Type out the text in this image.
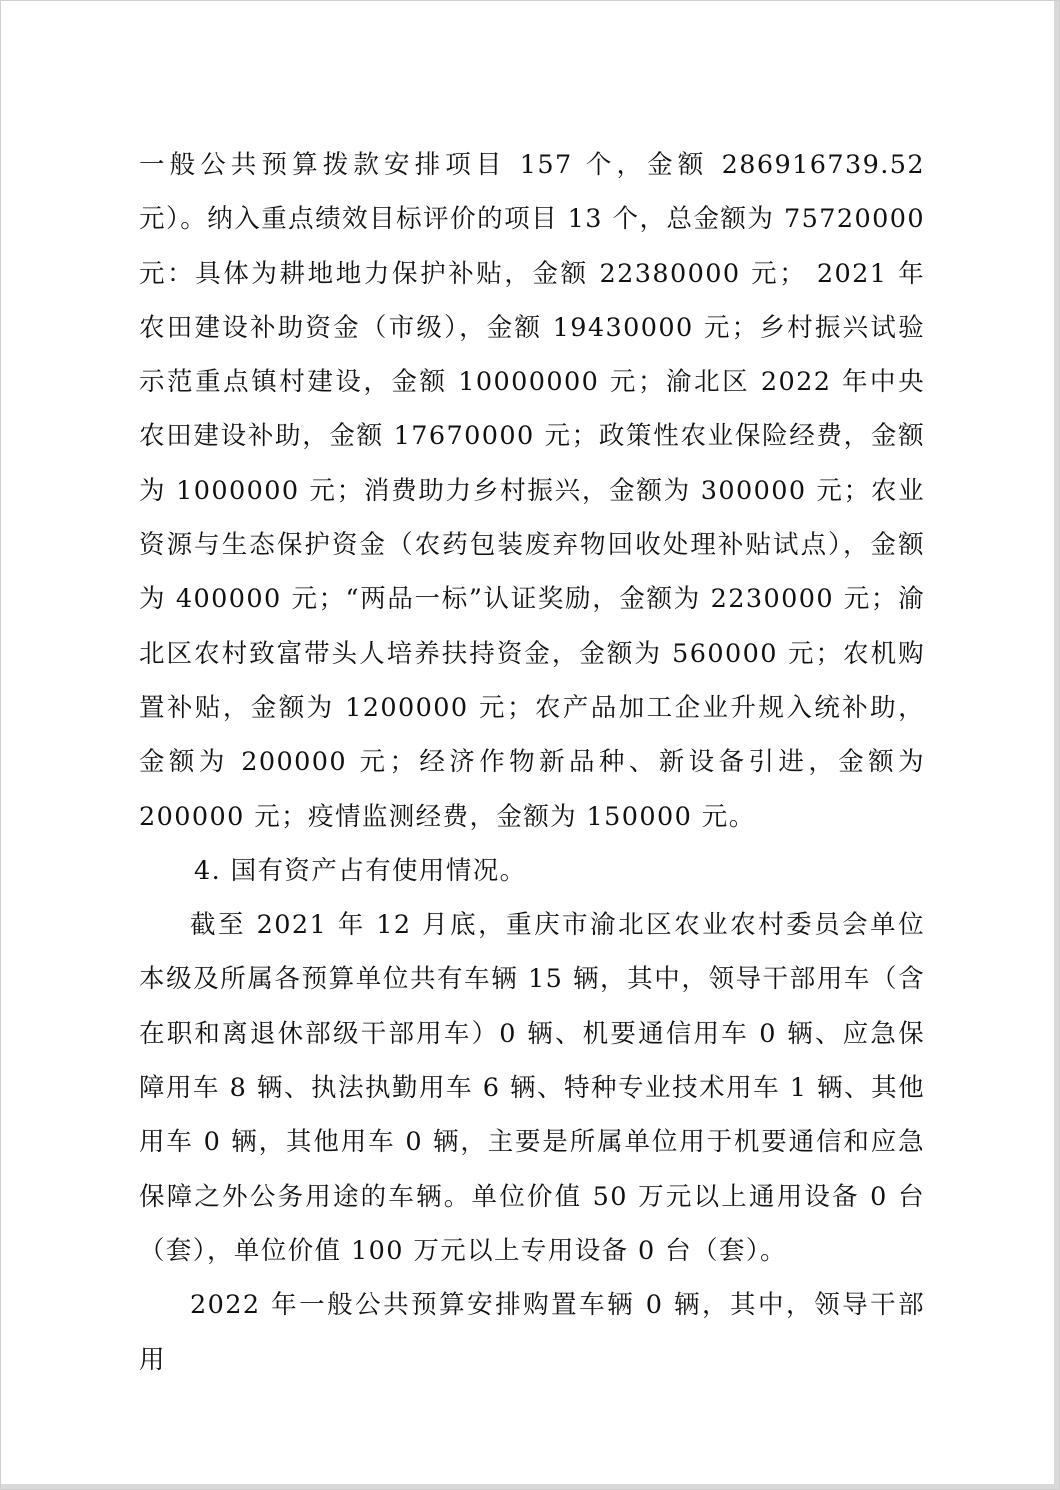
一般公共预算拨款安排项目 157 个，金额 286916739.52 元）。纳入重点绩效目标评价的项目 13 个，总金额为 75720000 元：具体为耕地地力保护补贴，金额 22380000 元； 2021 年农田建设补助资金（市级），金额 19430000 元；乡村振兴试验示范重点镇村建设，金额 10000000 元；渝北区 2022 年中央农田建设补助，金额 17670000 元；政策性农业保险经费，金额为 1000000 元；消费助力乡村振兴，金额为 300000 元；农业资源与生态保护资金（农药包装废弃物回收处理补贴试点），金额为 400000 元；“两品一标”认证奖励，金额为 2230000 元；渝北区农村致富带头人培养扶持资金，金额为 560000 元；农机购置补贴，金额为 1200000 元；农产品加工企业升规入统补助，金额为 200000 元；经济作物新品种、新设备引进，金额为 200000 元；疫情监测经费，金额为 150000 元。

4. 国有资产占有使用情况。

截至 2021 年 12 月底，重庆市渝北区农业农村委员会单位本级及所属各预算单位共有车辆 15 辆，其中，领导干部用车（含在职和离退休部级干部用车）0 辆、机要通信用车 0 辆、应急保障用车 8 辆、执法执勤用车 6 辆、特种专业技术用车 1 辆、其他用车 0 辆，其他用车 0 辆，主要是所属单位用于机要通信和应急保障之外公务用途的车辆。单位价值 50 万元以上通用设备 0 台（套），单位价值 100 万元以上专用设备 0 台（套）。

2022 年一般公共预算安排购置车辆 0 辆，其中，领导干部用
